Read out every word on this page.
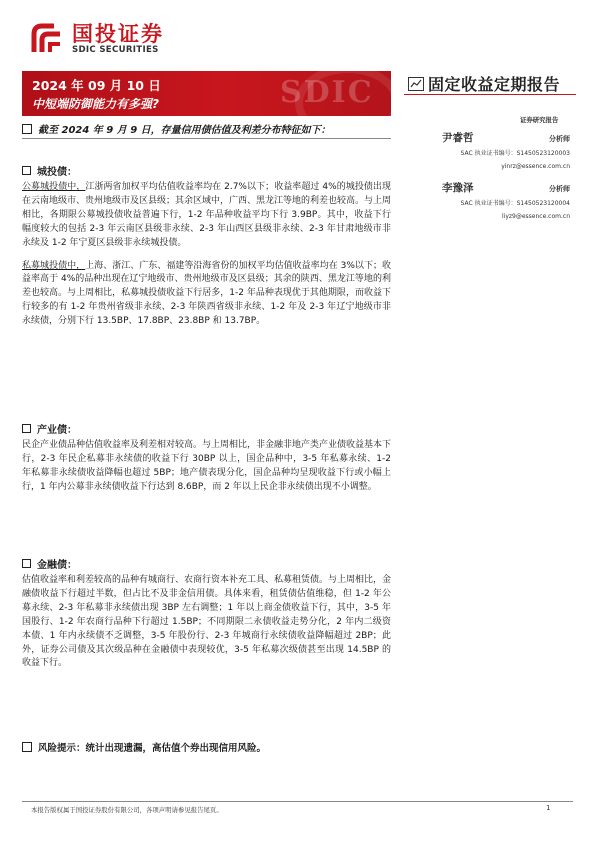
国投证券
SDIC SECURITIES
SDIC
2024 年 09 月 10 日
中短端防御能力有多强?
固定收益定期报告
证券研究报告
截至 2024 年 9 月 9 日，存量信用债估值及利差分布特征如下：
尹睿哲	分析师
SAC 执业证书编号：S1450523120003
yinrz@essence.com.cn
李豫泽	分析师
SAC 执业证书编号：S1450523120004
liyz9@essence.com.cn
城投债：

公募城投债中，江浙两省加权平均估值收益率均在 2.7%以下；收益率超过 4%的城投债出现在云南地级市、贵州地级市及区县级；其余区域中，广西、黑龙江等地的利差也较高。与上周相比，各期限公募城投债收益普遍下行，1-2 年品种收益平均下行 3.9BP。其中，收益下行幅度较大的包括 2-3 年云南区县级非永续、2-3 年山西区县级非永续、2-3 年甘肃地级市非永续及 1-2 年宁夏区县级非永续城投债。

私募城投债中，上海、浙江、广东、福建等沿海省份的加权平均估值收益率均在 3%以下；收益率高于 4%的品种出现在辽宁地级市、贵州地级市及区县级；其余的陕西、黑龙江等地的利差也较高。与上周相比，私募城投债收益下行居多，1-2 年品种表现优于其他期限，而收益下行较多的有 1-2 年贵州省级非永续、2-3 年陕西省级非永续、1-2 年及 2-3 年辽宁地级市非永续债，分别下行 13.5BP、17.8BP、23.8BP 和 13.7BP。

产业债：

民企产业债品种估值收益率及利差相对较高。与上周相比，非金融非地产类产业债收益基本下行，2-3 年民企私募非永续债的收益下行 30BP 以上，国企品种中，3-5 年私募永续、1-2 年私募非永续债收益降幅也超过 5BP；地产债表现分化，国企品种均呈现收益下行或小幅上行，1 年内公募非永续债收益下行达到 8.6BP，而 2 年以上民企非永续债出现不小调整。

金融债：

估值收益率和利差较高的品种有城商行、农商行资本补充工具、私募租赁债。与上周相比，金融债收益下行超过半数，但占比不及非金信用债。具体来看，租赁债估值维稳，但 1-2 年公募永续、2-3 年私募非永续债出现 3BP 左右调整；1 年以上商金债收益下行，其中，3-5 年国股行、1-2 年农商行品种下行超过 1.5BP；不同期限二永债收益走势分化，2 年内二级资本债、1 年内永续债不乏调整，3-5 年股份行、2-3 年城商行永续债收益降幅超过 2BP；此外，证券公司债及其次级品种在金融债中表现较优，3-5 年私募次级债甚至出现 14.5BP 的收益下行。

风险提示：统计出现遗漏，高估值个券出现信用风险。
本报告版权属于国投证券股份有限公司，各项声明请参见报告尾页。	1
